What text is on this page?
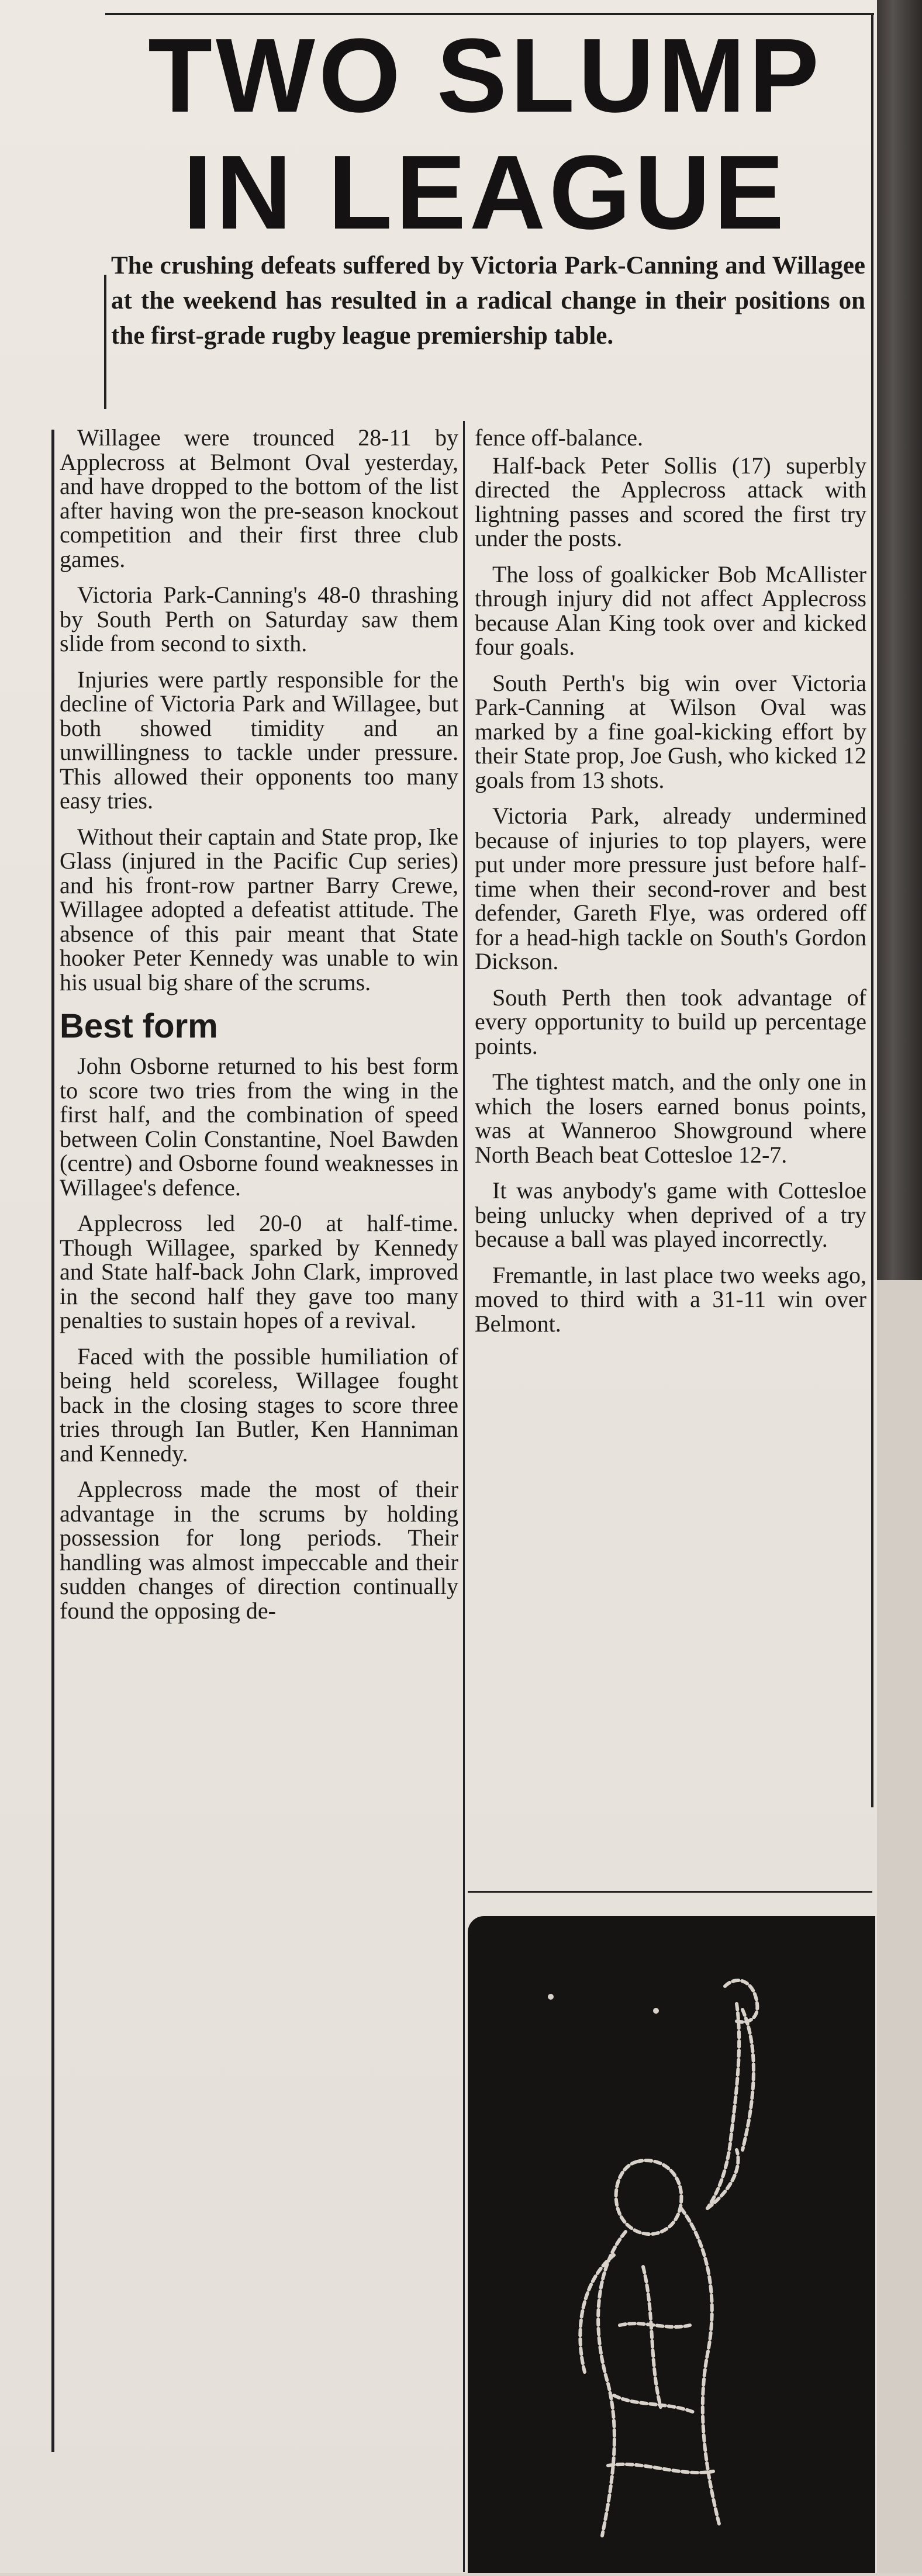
TWO SLUMP
IN LEAGUE
The crushing defeats suffered by Victoria Park-Canning and Willagee at the weekend has resulted in a radical change in their positions on the first-grade rugby league premiership table.

Willagee were trounced 28-11 by Applecross at Belmont Oval yesterday, and have dropped to the bottom of the list after having won the pre-season knockout competition and their first three club games.

Victoria Park-Canning's 48-0 thrashing by South Perth on Saturday saw them slide from second to sixth.

Injuries were partly responsible for the decline of Victoria Park and Willagee, but both showed timidity and an unwillingness to tackle under pressure. This allowed their opponents too many easy tries.

Without their captain and State prop, Ike Glass (injured in the Pacific Cup series) and his front-row partner Barry Crewe, Willagee adopted a defeatist attitude. The absence of this pair meant that State hooker Peter Kennedy was unable to win his usual big share of the scrums.

Best form

John Osborne returned to his best form to score two tries from the wing in the first half, and the combination of speed between Colin Constantine, Noel Bawden (centre) and Osborne found weaknesses in Willagee's defence.

Applecross led 20-0 at half-time. Though Willagee, sparked by Kennedy and State half-back John Clark, improved in the second half they gave too many penalties to sustain hopes of a revival.

Faced with the possible humiliation of being held scoreless, Willagee fought back in the closing stages to score three tries through Ian Butler, Ken Hanniman and Kennedy.

Applecross made the most of their advantage in the scrums by holding possession for long periods. Their handling was almost impeccable and their sudden changes of direction continually found the opposing de-

fence off-balance.

Half-back Peter Sollis (17) superbly directed the Applecross attack with lightning passes and scored the first try under the posts.

The loss of goalkicker Bob McAllister through injury did not affect Applecross because Alan King took over and kicked four goals.

South Perth's big win over Victoria Park-Canning at Wilson Oval was marked by a fine goal-kicking effort by their State prop, Joe Gush, who kicked 12 goals from 13 shots.

Victoria Park, already undermined because of injuries to top players, were put under more pressure just before half-time when their second-rover and best defender, Gareth Flye, was ordered off for a head-high tackle on South's Gordon Dickson.

South Perth then took advantage of every opportunity to build up percentage points.

The tightest match, and the only one in which the losers earned bonus points, was at Wanneroo Showground where North Beach beat Cottesloe 12-7.

It was anybody's game with Cottesloe being unlucky when deprived of a try because a ball was played incorrectly.

Fremantle, in last place two weeks ago, moved to third with a 31-11 win over Belmont.
